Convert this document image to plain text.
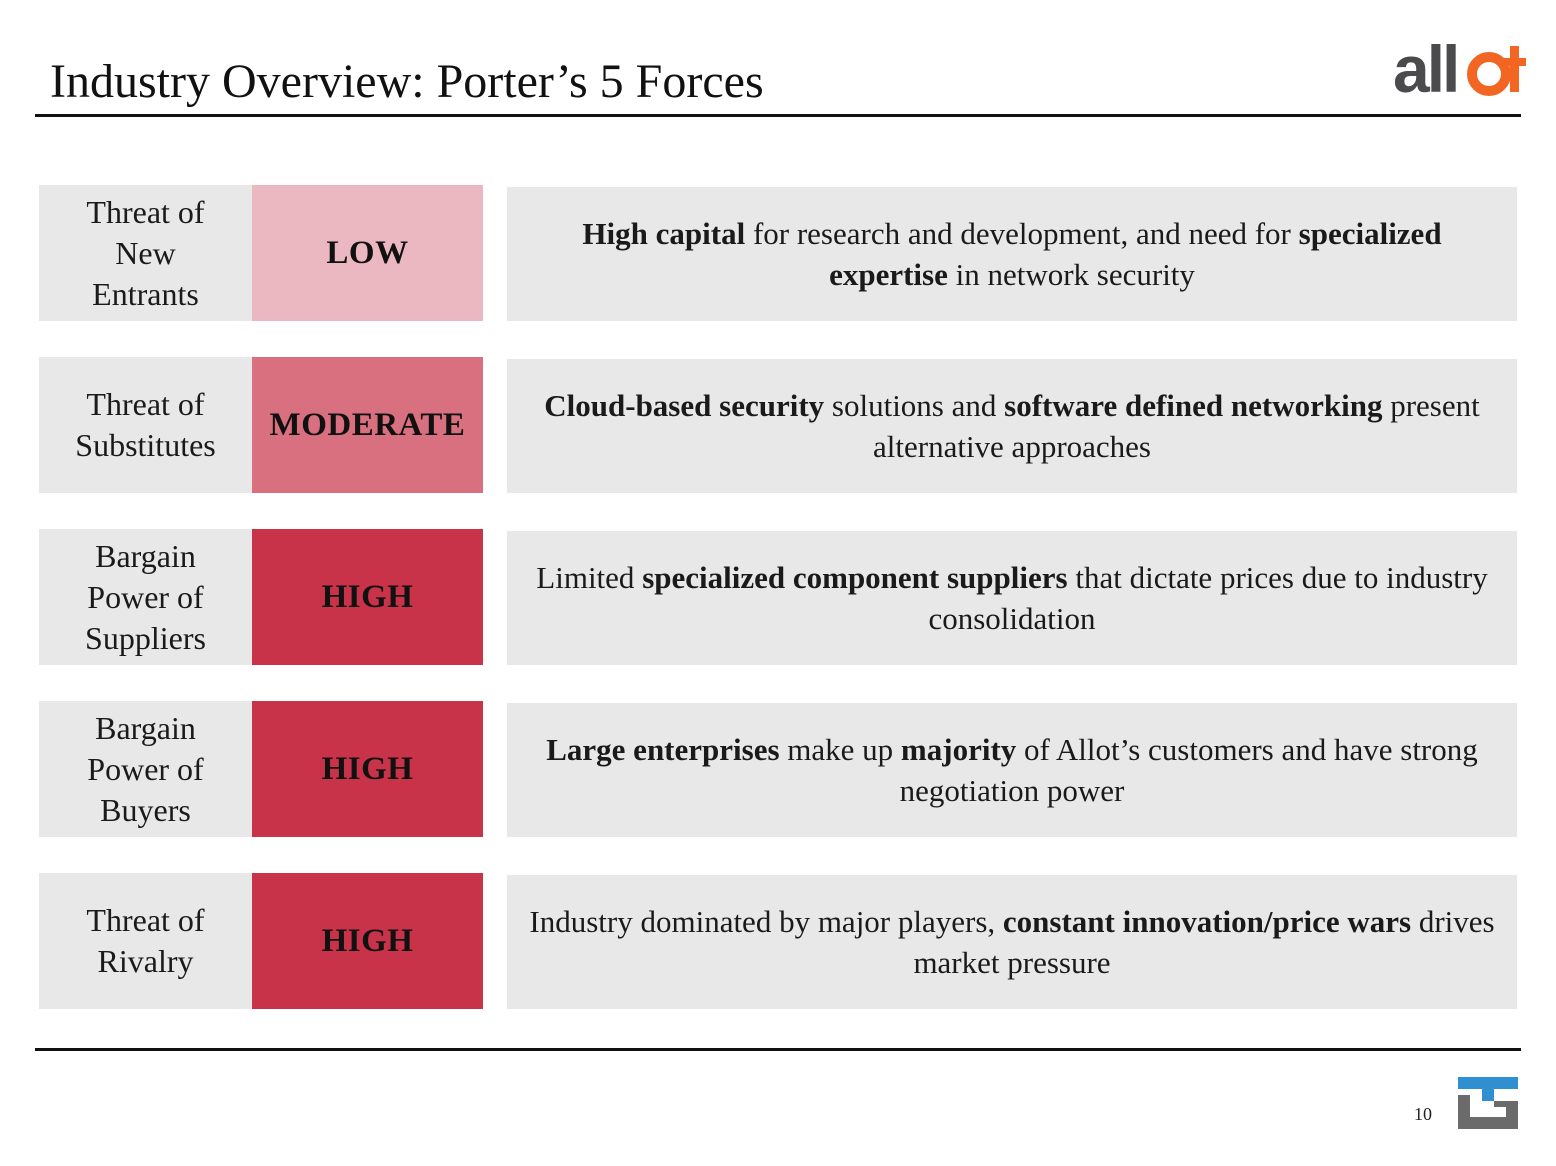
Industry Overview: Porter’s 5 Forces	all
Threat of
New
Entrants
LOW
High capital for research and development, and need for specialized expertise in network security
Threat of
Substitutes
MODERATE
Cloud-based security solutions and software defined networking present alternative approaches
Bargain
Power of
Suppliers
HIGH
Limited specialized component suppliers that dictate prices due to industry consolidation
Bargain
Power of
Buyers
HIGH
Large enterprises make up majority of Allot’s customers and have strong negotiation power
Threat of
Rivalry
HIGH
Industry dominated by major players, constant innovation/price wars drives market pressure
10
